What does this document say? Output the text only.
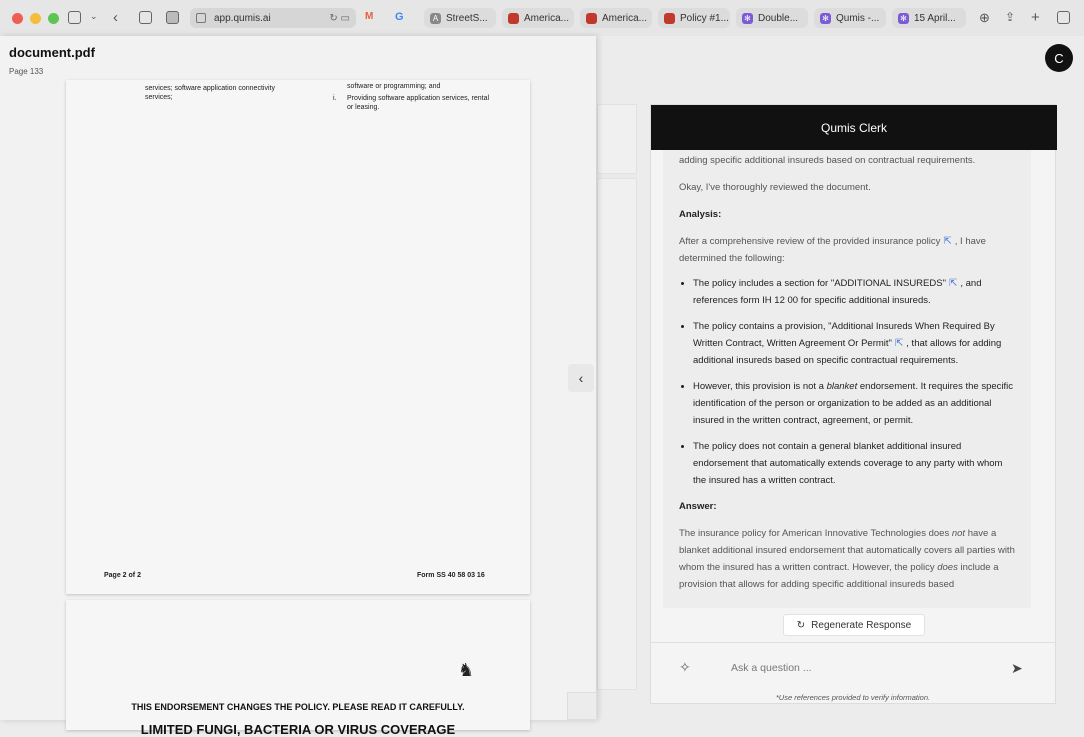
⌄ ‹	app.qumis.ai	↻ ▭ M G	A StreetS...	America...	America...	Policy #1... ✻ Double...	✻ Qumis -...	✻ 15 April... ⊕ ⇪ +
document.pdf
Page 133
services; software application connectivity services;
software or programming; and
i. Providing software application services, rental or leasing.
Page 2 of 2	Form SS 40 58 03 16
♞
THIS ENDORSEMENT CHANGES THE POLICY. PLEASE READ IT CAREFULLY.
LIMITED FUNGI, BACTERIA OR VIRUS COVERAGE
‹
C
Qumis Clerk

adding specific additional insureds based on contractual requirements.

Okay, I've thoroughly reviewed the document.

Analysis:

After a comprehensive review of the provided insurance policy ⇱ , I have determined the following:

• The policy includes a section for "ADDITIONAL INSUREDS" ⇱ , and references form IH 12 00 for specific additional insureds.
• The policy contains a provision, "Additional Insureds When Required By Written Contract, Written Agreement Or Permit" ⇱ , that allows for adding additional insureds based on specific contractual requirements.
• However, this provision is not a blanket endorsement. It requires the specific identification of the person or organization to be added as an additional insured in the written contract, agreement, or permit.
• The policy does not contain a general blanket additional insured endorsement that automatically extends coverage to any party with whom the insured has a written contract.

Answer:

The insurance policy for American Innovative Technologies does not have a blanket additional insured endorsement that automatically covers all parties with whom the insured has a written contract. However, the policy does include a provision that allows for adding specific additional insureds based

↻ Regenerate Response
✧
Ask a question ...	➤
*Use references provided to verify information.
